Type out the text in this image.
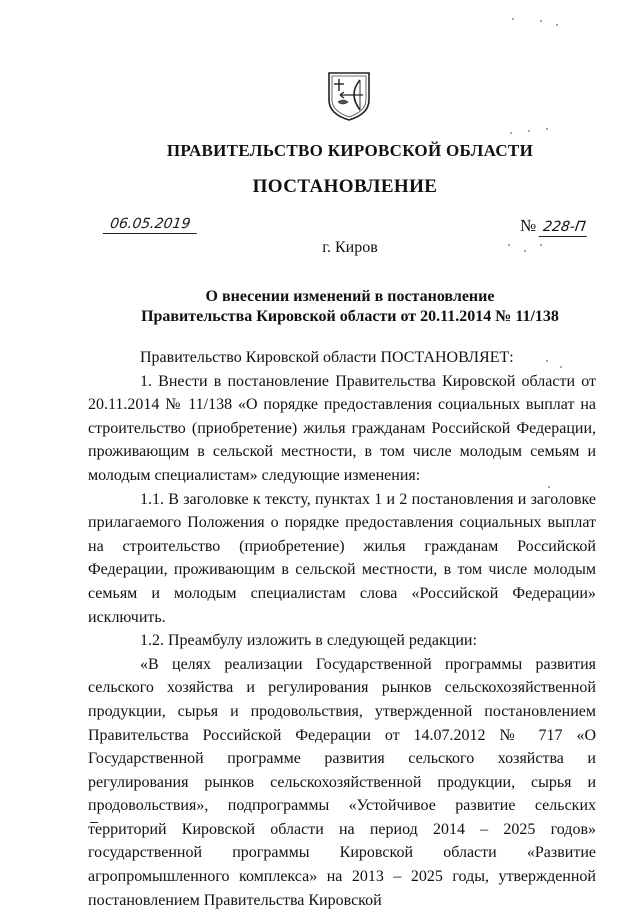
ПРАВИТЕЛЬСТВО КИРОВСКОЙ ОБЛАСТИ
ПОСТАНОВЛЕНИЕ
06.05.2019	№ 228-П
г. Киров
О внесении изменений в постановление
Правительства Кировской области от 20.11.2014 № 11/138

Правительство Кировской области ПОСТАНОВЛЯЕТ:

1. Внести в постановление Правительства Кировской области от 20.11.2014 № 11/138 «О порядке предоставления социальных выплат на строительство (приобретение) жилья гражданам Российской Федерации, проживающим в сельской местности, в том числе молодым семьям и молодым специалистам» следующие изменения:

1.1. В заголовке к тексту, пунктах 1 и 2 постановления и заголовке прилагаемого Положения о порядке предоставления социальных выплат на строительство (приобретение) жилья гражданам Российской Федерации, проживающим в сельской местности, в том числе молодым семьям и молодым специалистам слова «Российской Федерации» исключить.

1.2. Преамбулу изложить в следующей редакции:

«В целях реализации Государственной программы развития сельского хозяйства и регулирования рынков сельскохозяйственной продукции, сырья и продовольствия, утвержденной постановлением Правительства Российской Федерации от 14.07.2012 № 717 «О Государственной программе развития сельского хозяйства и регулирования рынков сельскохозяйственной продукции, сырья и продовольствия», подпрограммы «Устойчивое развитие сельских территорий Кировской области на период 2014 – 2025 годов» государственной программы Кировской области «Развитие агропромышленного комплекса» на 2013 – 2025 годы, утвержденной постановлением Правительства Кировской
